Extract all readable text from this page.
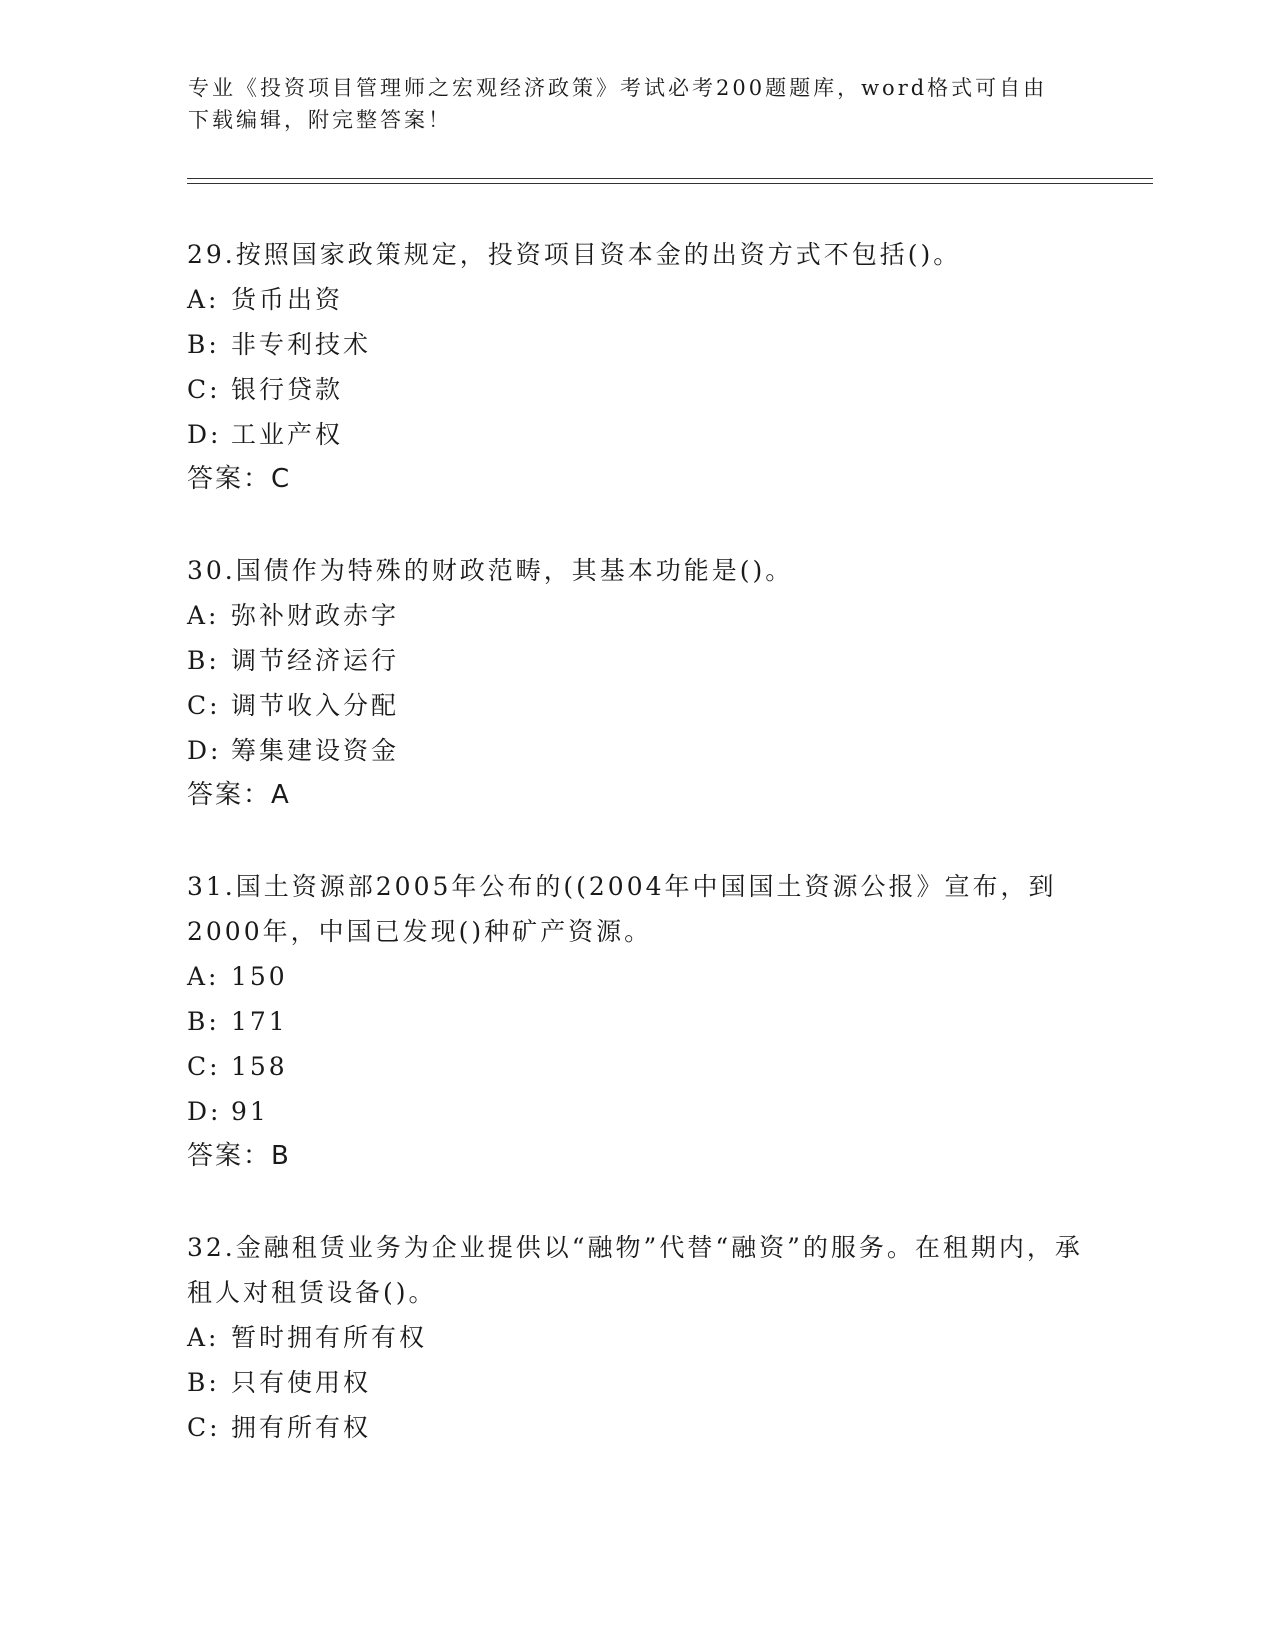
专业《投资项目管理师之宏观经济政策》考试必考200题题库，word格式可自由
下载编辑，附完整答案！

29.按照国家政策规定，投资项目资本金的出资方式不包括()。

A: 货币出资

B: 非专利技术

C: 银行贷款

D: 工业产权

答案：C

30.国债作为特殊的财政范畴，其基本功能是()。

A: 弥补财政赤字

B: 调节经济运行

C: 调节收入分配

D: 筹集建设资金

答案：A

31.国土资源部2005年公布的((2004年中国国土资源公报》宣布，到2000年，中国已发现()种矿产资源。

A: 150

B: 171

C: 158

D: 91

答案：B

32.金融租赁业务为企业提供以“融物”代替“融资”的服务。在租期内，承租人对租赁设备()。

A: 暂时拥有所有权

B: 只有使用权

C: 拥有所有权
